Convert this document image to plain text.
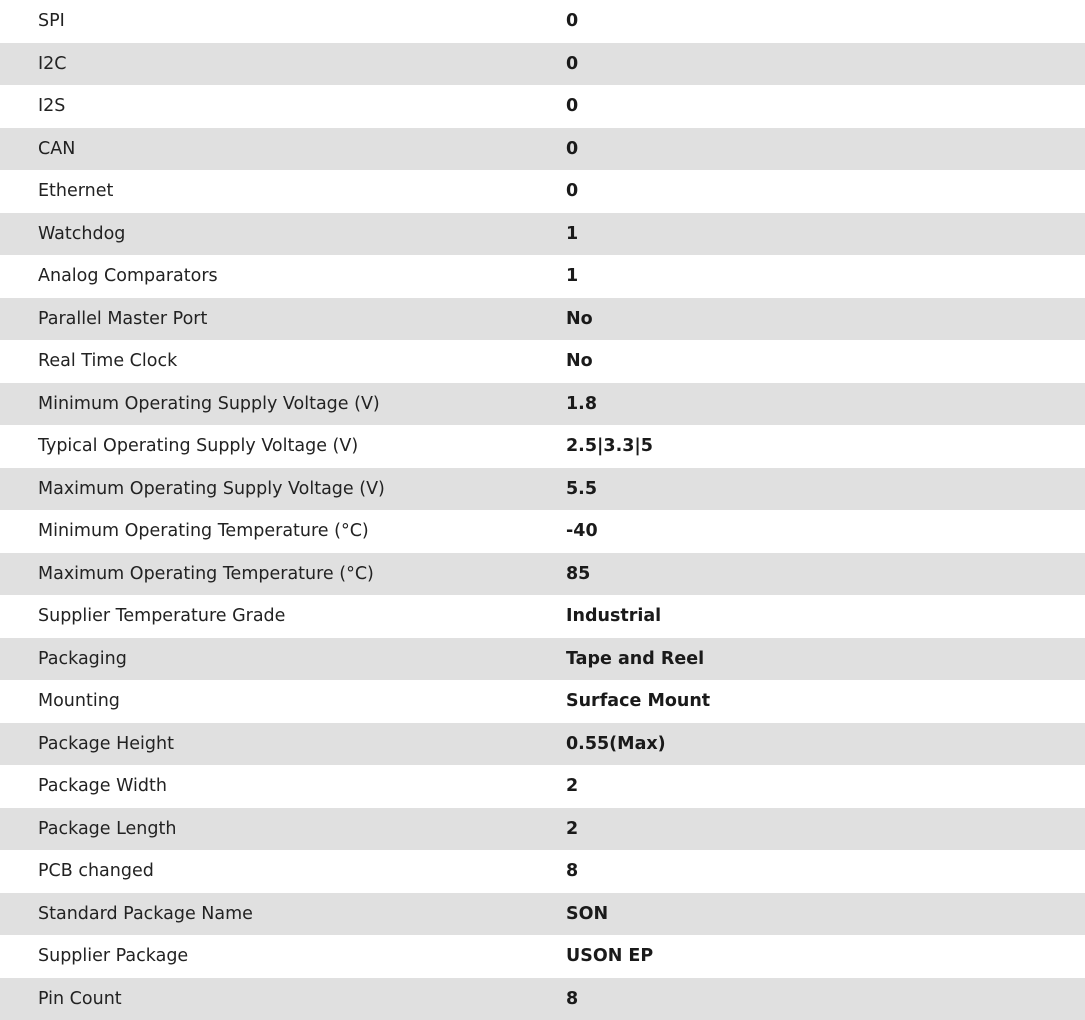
SPI	0
I2C	0
I2S	0
CAN	0
Ethernet	0
Watchdog	1
Analog Comparators	1
Parallel Master Port	No
Real Time Clock	No
Minimum Operating Supply Voltage (V)	1.8
Typical Operating Supply Voltage (V)	2.5|3.3|5
Maximum Operating Supply Voltage (V)	5.5
Minimum Operating Temperature (°C)	-40
Maximum Operating Temperature (°C)	85
Supplier Temperature Grade	Industrial
Packaging	Tape and Reel
Mounting	Surface Mount
Package Height	0.55(Max)
Package Width	2
Package Length	2
PCB changed	8
Standard Package Name	SON
Supplier Package	USON EP
Pin Count	8
